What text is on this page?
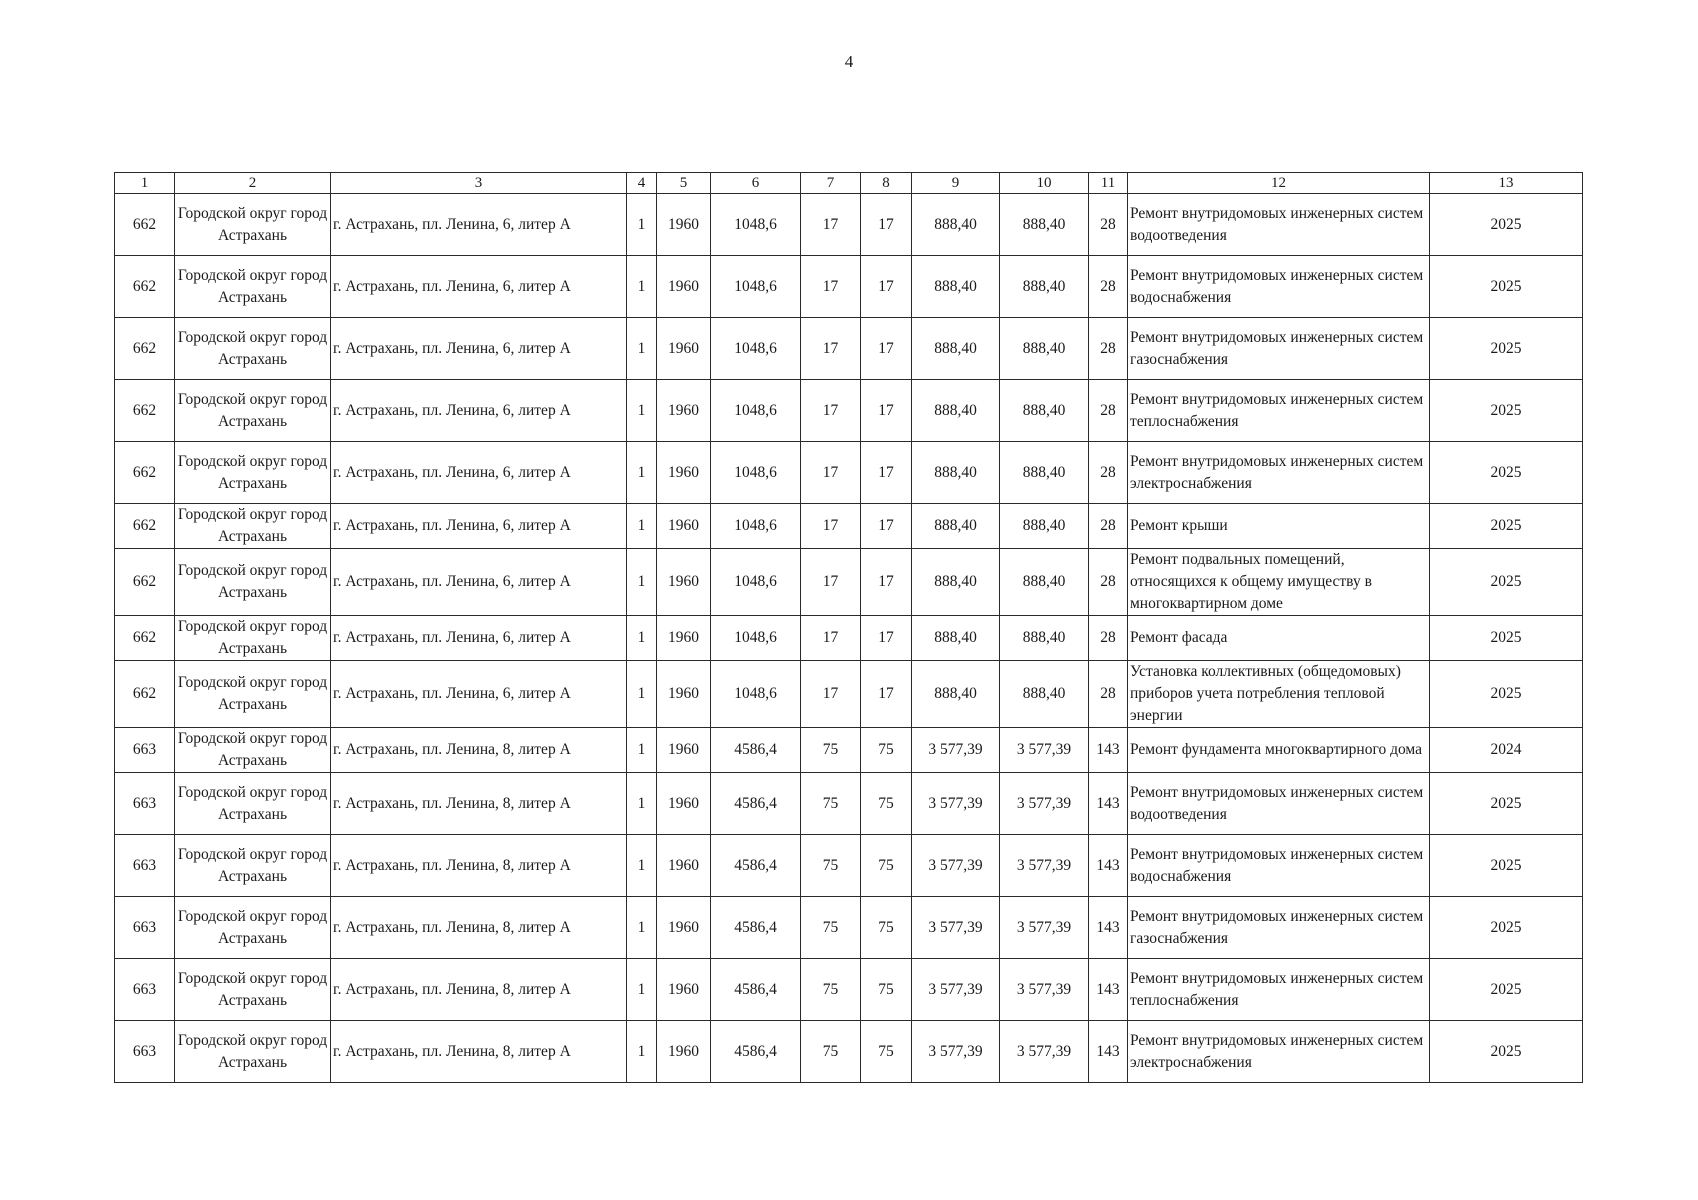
4
1	2	3	4	5	6	7	8	9	10	11	12	13
662	Городской округ город Астрахань	г. Астрахань, пл. Ленина, 6, литер А	1	1960	1048,6	17	17	888,40	888,40	28	Ремонт внутридомовых инженерных систем водоотведения	2025
662	Городской округ город Астрахань	г. Астрахань, пл. Ленина, 6, литер А	1	1960	1048,6	17	17	888,40	888,40	28	Ремонт внутридомовых инженерных систем водоснабжения	2025
662	Городской округ город Астрахань	г. Астрахань, пл. Ленина, 6, литер А	1	1960	1048,6	17	17	888,40	888,40	28	Ремонт внутридомовых инженерных систем газоснабжения	2025
662	Городской округ город Астрахань	г. Астрахань, пл. Ленина, 6, литер А	1	1960	1048,6	17	17	888,40	888,40	28	Ремонт внутридомовых инженерных систем теплоснабжения	2025
662	Городской округ город Астрахань	г. Астрахань, пл. Ленина, 6, литер А	1	1960	1048,6	17	17	888,40	888,40	28	Ремонт внутридомовых инженерных систем электроснабжения	2025
662	Городской округ город Астрахань	г. Астрахань, пл. Ленина, 6, литер А	1	1960	1048,6	17	17	888,40	888,40	28	Ремонт крыши	2025
662	Городской округ город Астрахань	г. Астрахань, пл. Ленина, 6, литер А	1	1960	1048,6	17	17	888,40	888,40	28	Ремонт подвальных помещений, относящихся к общему имуществу в многоквартирном доме	2025
662	Городской округ город Астрахань	г. Астрахань, пл. Ленина, 6, литер А	1	1960	1048,6	17	17	888,40	888,40	28	Ремонт фасада	2025
662	Городской округ город Астрахань	г. Астрахань, пл. Ленина, 6, литер А	1	1960	1048,6	17	17	888,40	888,40	28	Установка коллективных (общедомовых) приборов учета потребления тепловой энергии	2025
663	Городской округ город Астрахань	г. Астрахань, пл. Ленина, 8, литер А	1	1960	4586,4	75	75	3 577,39	3 577,39	143	Ремонт фундамента многоквартирного дома	2024
663	Городской округ город Астрахань	г. Астрахань, пл. Ленина, 8, литер А	1	1960	4586,4	75	75	3 577,39	3 577,39	143	Ремонт внутридомовых инженерных систем водоотведения	2025
663	Городской округ город Астрахань	г. Астрахань, пл. Ленина, 8, литер А	1	1960	4586,4	75	75	3 577,39	3 577,39	143	Ремонт внутридомовых инженерных систем водоснабжения	2025
663	Городской округ город Астрахань	г. Астрахань, пл. Ленина, 8, литер А	1	1960	4586,4	75	75	3 577,39	3 577,39	143	Ремонт внутридомовых инженерных систем газоснабжения	2025
663	Городской округ город Астрахань	г. Астрахань, пл. Ленина, 8, литер А	1	1960	4586,4	75	75	3 577,39	3 577,39	143	Ремонт внутридомовых инженерных систем теплоснабжения	2025
663	Городской округ город Астрахань	г. Астрахань, пл. Ленина, 8, литер А	1	1960	4586,4	75	75	3 577,39	3 577,39	143	Ремонт внутридомовых инженерных систем электроснабжения	2025
